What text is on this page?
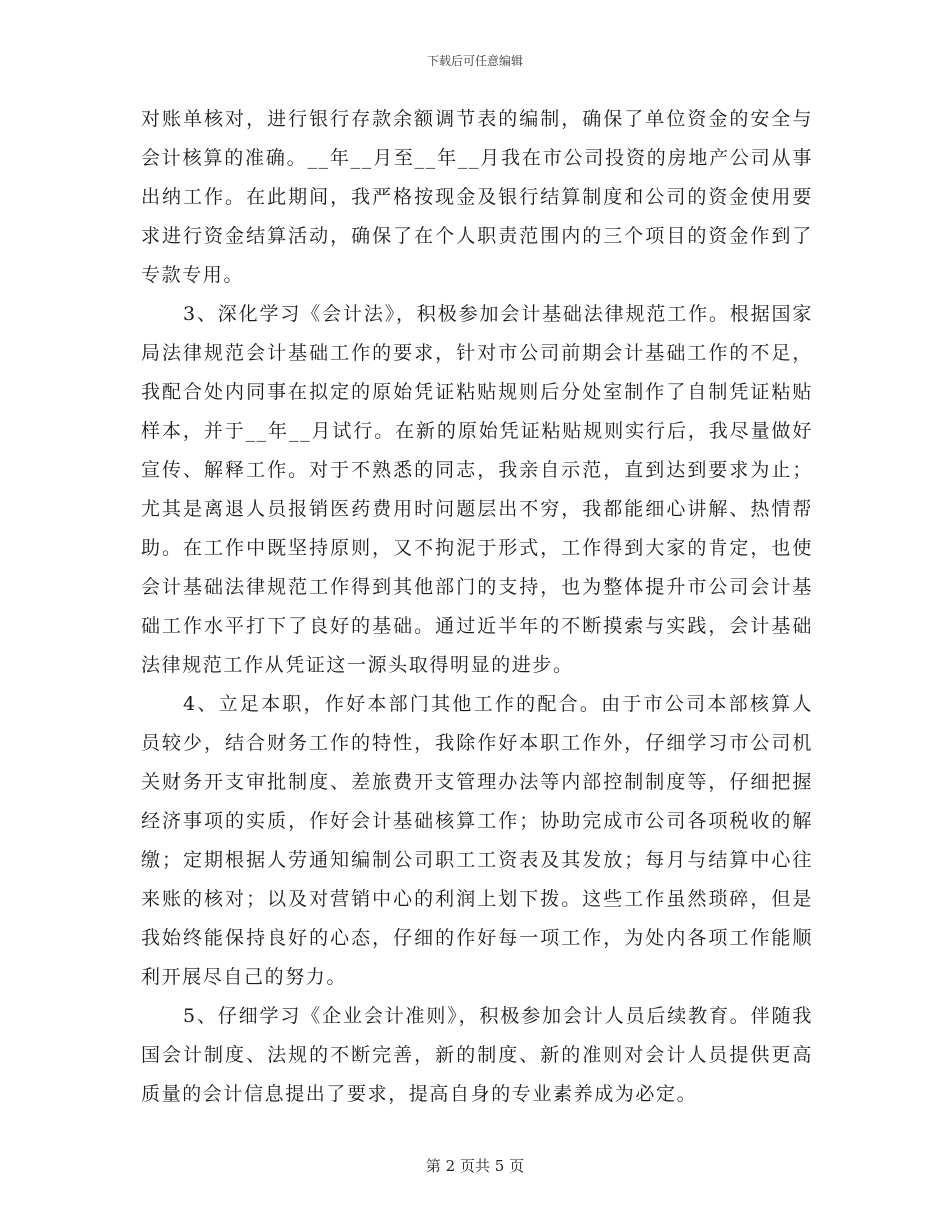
下载后可任意编辑

对账单核对，进行银行存款余额调节表的编制，确保了单位资金的安全与会计核算的准确。__年__月至__年__月我在市公司投资的房地产公司从事出纳工作。在此期间，我严格按现金及银行结算制度和公司的资金使用要求进行资金结算活动，确保了在个人职责范围内的三个项目的资金作到了专款专用。

3、深化学习《会计法》，积极参加会计基础法律规范工作。根据国家局法律规范会计基础工作的要求，针对市公司前期会计基础工作的不足，我配合处内同事在拟定的原始凭证粘贴规则后分处室制作了自制凭证粘贴样本，并于__年__月试行。在新的原始凭证粘贴规则实行后，我尽量做好宣传、解释工作。对于不熟悉的同志，我亲自示范，直到达到要求为止；尤其是离退人员报销医药费用时问题层出不穷，我都能细心讲解、热情帮助。在工作中既坚持原则，又不拘泥于形式，工作得到大家的肯定，也使会计基础法律规范工作得到其他部门的支持，也为整体提升市公司会计基础工作水平打下了良好的基础。通过近半年的不断摸索与实践，会计基础法律规范工作从凭证这一源头取得明显的进步。

4、立足本职，作好本部门其他工作的配合。由于市公司本部核算人员较少，结合财务工作的特性，我除作好本职工作外，仔细学习市公司机关财务开支审批制度、差旅费开支管理办法等内部控制制度等，仔细把握经济事项的实质，作好会计基础核算工作；协助完成市公司各项税收的解缴；定期根据人劳通知编制公司职工工资表及其发放；每月与结算中心往来账的核对；以及对营销中心的利润上划下拨。这些工作虽然琐碎，但是我始终能保持良好的心态，仔细的作好每一项工作，为处内各项工作能顺利开展尽自己的努力。

5、仔细学习《企业会计准则》，积极参加会计人员后续教育。伴随我国会计制度、法规的不断完善，新的制度、新的准则对会计人员提供更高质量的会计信息提出了要求，提高自身的专业素养成为必定。

第 2 页共 5 页
